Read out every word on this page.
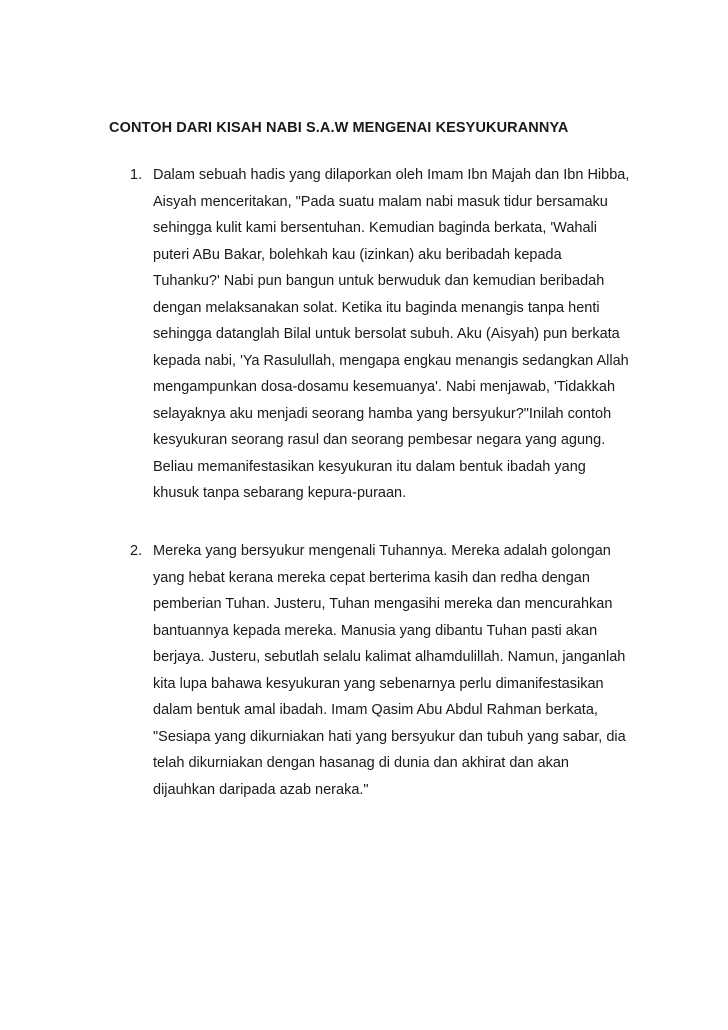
CONTOH DARI KISAH NABI S.A.W MENGENAI KESYUKURANNYA
1. Dalam sebuah hadis yang dilaporkan oleh Imam Ibn Majah dan Ibn Hibba,
Aisyah menceritakan, "Pada suatu malam nabi masuk tidur bersamaku
sehingga kulit kami bersentuhan. Kemudian baginda berkata, 'Wahali
puteri ABu Bakar, bolehkah kau (izinkan) aku beribadah kepada
Tuhanku?' Nabi pun bangun untuk berwuduk dan kemudian beribadah
dengan melaksanakan solat. Ketika itu baginda menangis tanpa henti
sehingga datanglah Bilal untuk bersolat subuh. Aku (Aisyah) pun berkata
kepada nabi, 'Ya Rasulullah, mengapa engkau menangis sedangkan Allah
mengampunkan dosa-dosamu kesemuanya'. Nabi menjawab, 'Tidakkah
selayaknya aku menjadi seorang hamba yang bersyukur?"Inilah contoh
kesyukuran seorang rasul dan seorang pembesar negara yang agung.
Beliau memanifestasikan kesyukuran itu dalam bentuk ibadah yang
khusuk tanpa sebarang kepura-puraan.
2. Mereka yang bersyukur mengenali Tuhannya. Mereka adalah golongan
yang hebat kerana mereka cepat berterima kasih dan redha dengan
pemberian Tuhan. Justeru, Tuhan mengasihi mereka dan mencurahkan
bantuannya kepada mereka. Manusia yang dibantu Tuhan pasti akan
berjaya. Justeru, sebutlah selalu kalimat alhamdulillah. Namun, janganlah
kita lupa bahawa kesyukuran yang sebenarnya perlu dimanifestasikan
dalam bentuk amal ibadah. Imam Qasim Abu Abdul Rahman berkata,
"Sesiapa yang dikurniakan hati yang bersyukur dan tubuh yang sabar, dia
telah dikurniakan dengan hasanag di dunia dan akhirat dan akan
dijauhkan daripada azab neraka."
